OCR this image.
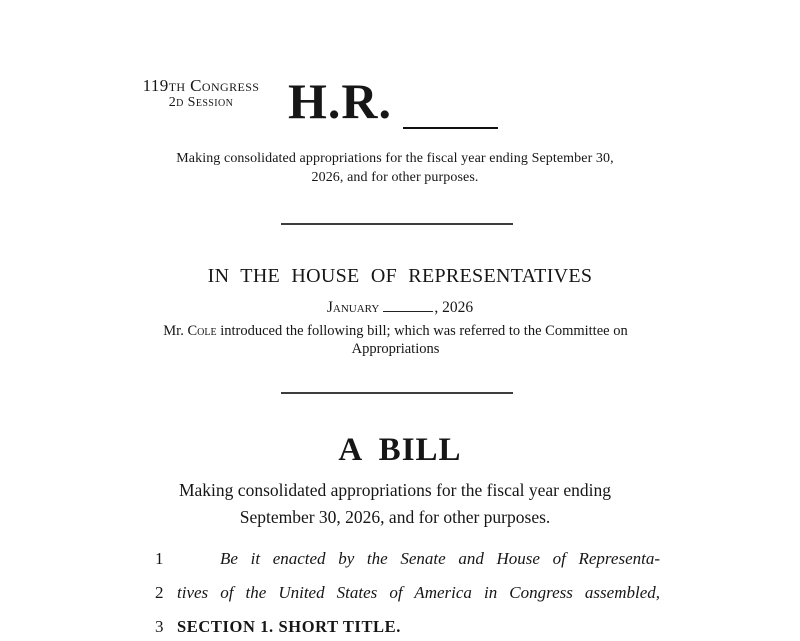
119th Congress
2d Session	H.R.
Making consolidated appropriations for the fiscal year ending September 30, 2026, and for other purposes.
IN THE HOUSE OF REPRESENTATIVES
January	, 2026
Mr. Cole introduced the following bill; which was referred to the Committee on Appropriations
A BILL
Making consolidated appropriations for the fiscal year ending September 30, 2026, and for other purposes.
1	Be it enacted by the Senate and House of Representa-
2 tives of the United States of America in Congress assembled,
3 SECTION 1. SHORT TITLE.
